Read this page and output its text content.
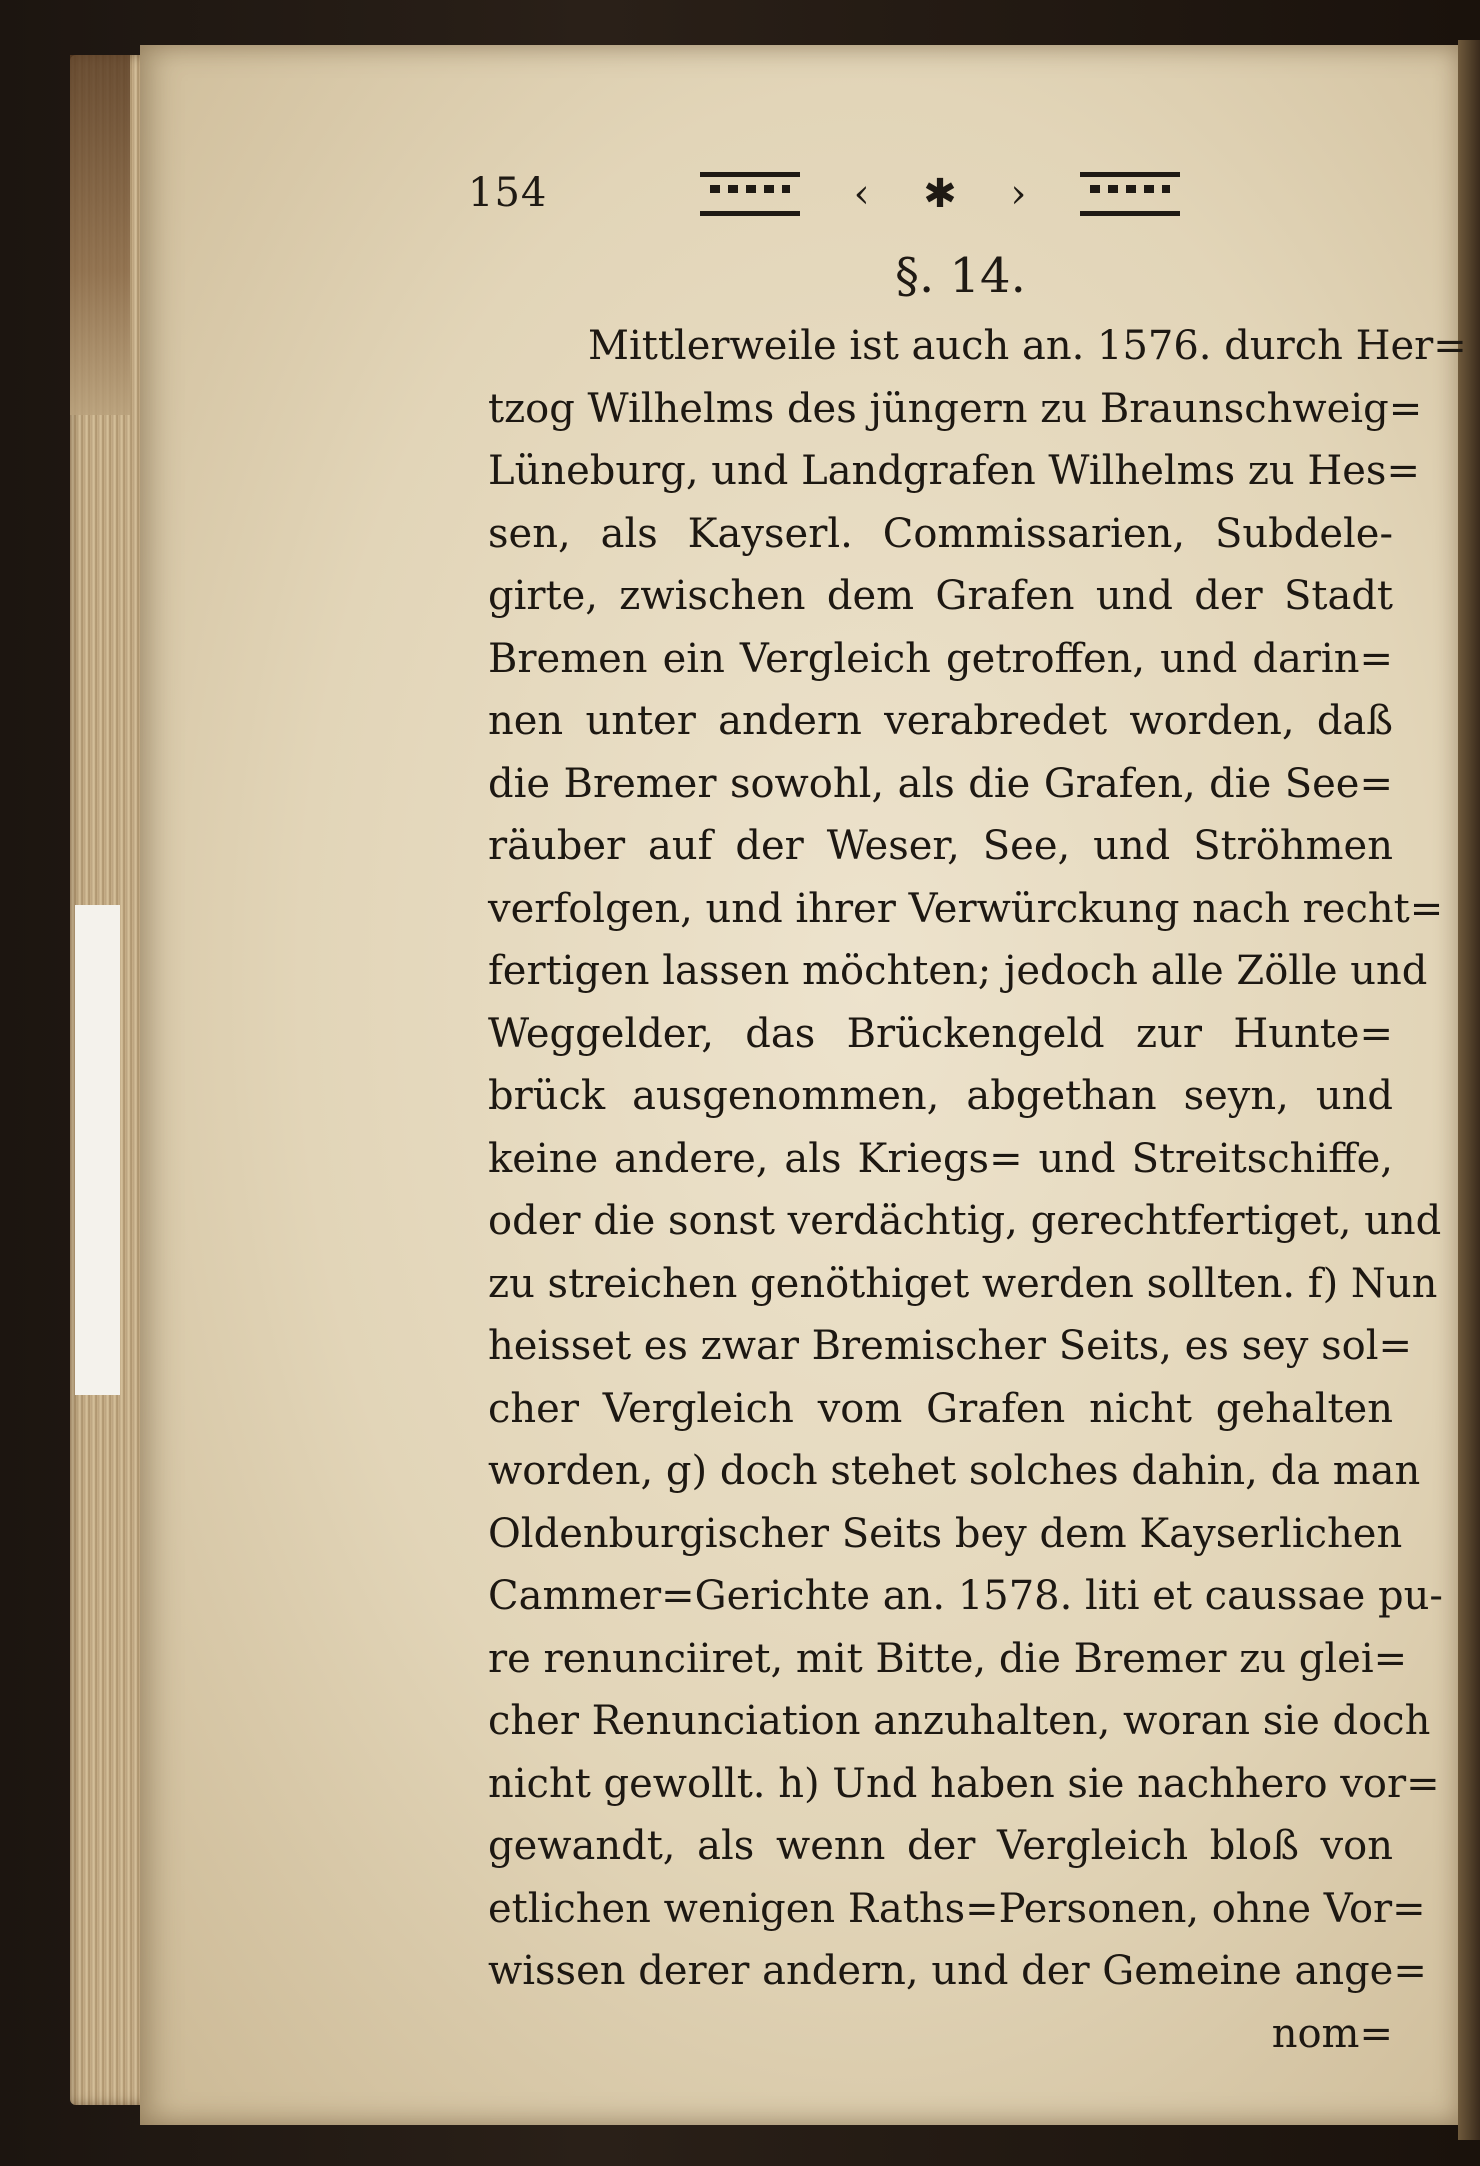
154	‹ ✱ ›
§. 14.
Mittlerweile ist auch an. 1576. durch Her=
tzog Wilhelms des jüngern zu Braunschweig=
Lüneburg, und Landgrafen Wilhelms zu Hes=
sen, als Kayserl. Commissarien, Subdele-
girte, zwischen dem Grafen und der Stadt
Bremen ein Vergleich getroffen, und darin=
nen unter andern verabredet worden, daß
die Bremer sowohl, als die Grafen, die See=
räuber auf der Weser, See, und Ströhmen
verfolgen, und ihrer Verwürckung nach recht=
fertigen lassen möchten; jedoch alle Zölle und
Weggelder, das Brückengeld zur Hunte=
brück ausgenommen, abgethan seyn, und
keine andere, als Kriegs= und Streitschiffe,
oder die sonst verdächtig, gerechtfertiget, und
zu streichen genöthiget werden sollten. f) Nun
heisset es zwar Bremischer Seits, es sey sol=
cher Vergleich vom Grafen nicht gehalten
worden, g) doch stehet solches dahin, da man
Oldenburgischer Seits bey dem Kayserlichen
Cammer=Gerichte an. 1578. liti et caussae pu-
re renunciiret, mit Bitte, die Bremer zu glei=
cher Renunciation anzuhalten, woran sie doch
nicht gewollt. h) Und haben sie nachhero vor=
gewandt, als wenn der Vergleich bloß von
etlichen wenigen Raths=Personen, ohne Vor=
wissen derer andern, und der Gemeine ange=
nom=
